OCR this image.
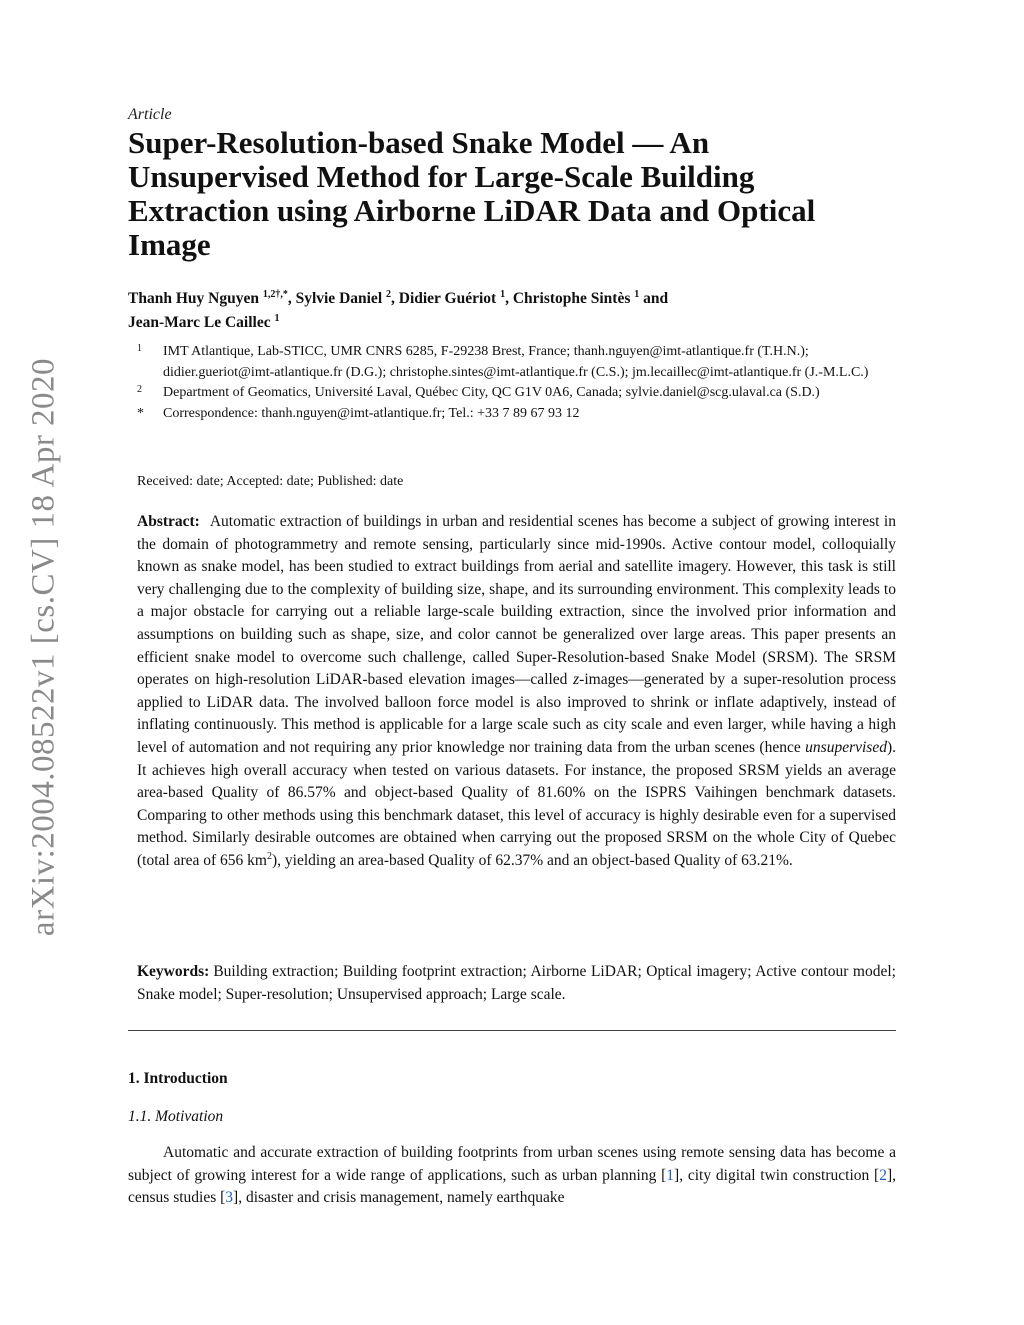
arXiv:2004.08522v1 [cs.CV] 18 Apr 2020
Article
Super-Resolution-based Snake Model — An Unsupervised Method for Large-Scale Building Extraction using Airborne LiDAR Data and Optical Image
Thanh Huy Nguyen $^{1,2\dagger,*}$, Sylvie Daniel $^2$, Didier Guériot $^1$, Christophe Sintès $^1$ and
Jean-Marc Le Caillec $^1$
1	IMT Atlantique, Lab-STICC, UMR CNRS 6285, F-29238 Brest, France; thanh.nguyen@imt-atlantique.fr (T.H.N.); didier.gueriot@imt-atlantique.fr (D.G.); christophe.sintes@imt-atlantique.fr (C.S.); jm.lecaillec@imt-atlantique.fr (J.-M.L.C.)
2	Department of Geomatics, Université Laval, Québec City, QC G1V 0A6, Canada; sylvie.daniel@scg.ulaval.ca (S.D.)
*	Correspondence: thanh.nguyen@imt-atlantique.fr; Tel.: +33 7 89 67 93 12
Received: date; Accepted: date; Published: date
Abstract: Automatic extraction of buildings in urban and residential scenes has become a subject of growing interest in the domain of photogrammetry and remote sensing, particularly since mid-1990s. Active contour model, colloquially known as snake model, has been studied to extract buildings from aerial and satellite imagery. However, this task is still very challenging due to the complexity of building size, shape, and its surrounding environment. This complexity leads to a major obstacle for carrying out a reliable large-scale building extraction, since the involved prior information and assumptions on building such as shape, size, and color cannot be generalized over large areas. This paper presents an efficient snake model to overcome such challenge, called Super-Resolution-based Snake Model (SRSM). The SRSM operates on high-resolution LiDAR-based elevation images—called z-images—generated by a super-resolution process applied to LiDAR data. The involved balloon force model is also improved to shrink or inflate adaptively, instead of inflating continuously. This method is applicable for a large scale such as city scale and even larger, while having a high level of automation and not requiring any prior knowledge nor training data from the urban scenes (hence unsupervised). It achieves high overall accuracy when tested on various datasets. For instance, the proposed SRSM yields an average area-based Quality of 86.57% and object-based Quality of 81.60% on the ISPRS Vaihingen benchmark datasets. Comparing to other methods using this benchmark dataset, this level of accuracy is highly desirable even for a supervised method. Similarly desirable outcomes are obtained when carrying out the proposed SRSM on the whole City of Quebec (total area of 656 $km^2$), yielding an area-based Quality of 62.37% and an object-based Quality of 63.21%.
Keywords: Building extraction; Building footprint extraction; Airborne LiDAR; Optical imagery; Active contour model; Snake model; Super-resolution; Unsupervised approach; Large scale.
1. Introduction
1.1. Motivation
Automatic and accurate extraction of building footprints from urban scenes using remote sensing data has become a subject of growing interest for a wide range of applications, such as urban planning [1], city digital twin construction [2], census studies [3], disaster and crisis management, namely earthquake
